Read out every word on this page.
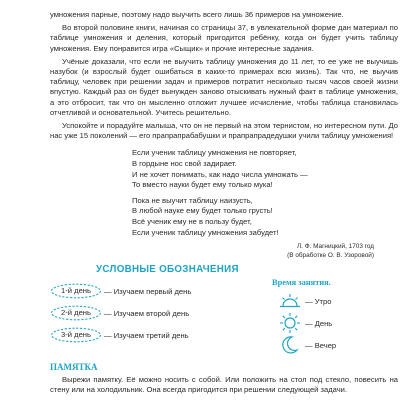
умножения парные, поэтому надо выучить всего лишь 36 примеров на умножение.

Во второй половине книги, начиная со страницы 37, в увлекательной форме дан материал по таблице умножения и деления, который пригодится ребёнку, когда он будет учить таблицу умножения. Ему понравится игра «Сыщик» и прочие интересные задания.

Учёные доказали, что если не выучить таблицу умножения до 11 лет, то ее уже не выучишь назубок (и взрослый будет ошибаться в каких-то примерах всю жизнь). Так что, не выучив таблицу, человек при решении задач и примеров потратит несколько тысяч часов своей жизни впустую. Каждый раз он будет вынужден заново отыскивать нужный факт в таблице умножения, а это отбросит, так что он мысленно отложит лучшее исчисление, чтобы таблица становилась отчетливой и основательной. Учитесь решительно.

Успокойте и порадуйте малыша, что он не первый на этом тернистом, но интересном пути. До нас уже 15 поколений — его прапрапрабабушки и прапрапрадедушки учили таблицу умножения!

Если ученик таблицу умножения не повторяет,
В гордыне нос свой задирает.
И не хочет понимать, как надо числа умножать —
То вместо науки будет ему только мука!
Пока не выучит таблицу наизусть,
В любой науке ему будет только грусть!
Всё ученик ему не в пользу будет,
Если ученик таблицу умножения забудет!
Л. Ф. Магницкий, 1703 год
(В обработке О. В. Узоровой)
УСЛОВНЫЕ ОБОЗНАЧЕНИЯ
1-й день	— Изучаем первый день
2-й день	— Изучаем второй день
3-й день	— Изучаем третий день
Время занятия.
— Утро
— День
— Вечер
ПАМЯТКА
Вырежи памятку. Её можно носить с собой. Или положить на стол под стекло, повесить на стену или на холодильник. Она всегда пригодится при решении следующей задачи.
